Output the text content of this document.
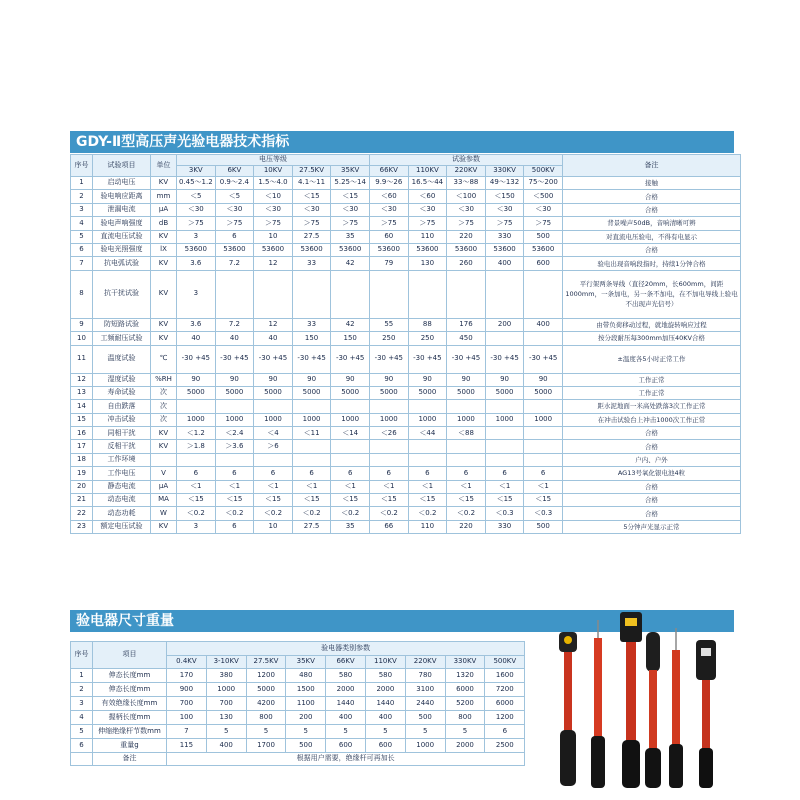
GDY-Ⅱ型高压声光验电器技术指标
序号	试验项目	单位	电压等级					试验参数					备注
			3KV	6KV	10KV	27.5KV	35KV	66KV	110KV	220KV	330KV	500KV	
1	启动电压	KV	0.45～1.2	0.9～2.4	1.5～4.0	4.1～11	5.25～14	9.9～26	16.5～44	33～88	49～132	75～200	接触
2	验电响应距离	mm	＜5	＜5	＜10	＜15	＜15	＜60	＜60	＜100	＜150	＜500	合格
3	泄漏电流	μA	＜30	＜30	＜30	＜30	＜30	＜30	＜30	＜30	＜30	＜30	合格
4	验电声响强度	dB	＞75	＞75	＞75	＞75	＞75	＞75	＞75	＞75	＞75	＞75	背景噪声50dB，音响清晰可辨
5	直流电压试验	KV	3	6	10	27.5	35	60	110	220	330	500	对直流电压验电，不得有电显示
6	验电光照强度	lX	53600	53600	53600	53600	53600	53600	53600	53600	53600	53600	合格
7	抗电弧试验	KV	3.6	7.2	12	33	42	79	130	260	400	600	验电出现音响段指时，持续1分钟合格
8	抗干扰试验	KV	3										平行架两条导线（直径20mm，长600mm，间距1000mm，一条加电，另一条不加电，在不加电导线上验电不出现声光信号）
9	防短路试验	KV	3.6	7.2	12	33	42	55	88	176	200	400	由带负荷移动过程，就地旋转响应过程
10	工频耐压试验	KV	40	40	40	150	150	250	250	450			按分段耐压每300mm加压40KV合格
11	温度试验	℃	-30 +45	-30 +45	-30 +45	-30 +45	-30 +45	-30 +45	-30 +45	-30 +45	-30 +45	-30 +45	±温度各5小时正常工作
12	湿度试验	%RH	90	90	90	90	90	90	90	90	90	90	工作正常
13	寿命试验	次	5000	5000	5000	5000	5000	5000	5000	5000	5000	5000	工作正常
14	自由跌落	次											距水泥地面一米高处跌落3次工作正常
15	冲击试验	次	1000	1000	1000	1000	1000	1000	1000	1000	1000	1000	在冲击试验台上冲击1000次工作正常
16	同相干扰	KV	＜1.2	＜2.4	＜4	＜11	＜14	＜26	＜44	＜88			合格
17	反相干扰	KV	＞1.8	＞3.6	＞6								合格
18	工作环境												户内、户外
19	工作电压	V	6	6	6	6	6	6	6	6	6	6	AG13号氧化银电池4粒
20	静态电流	μA	＜1	＜1	＜1	＜1	＜1	＜1	＜1	＜1	＜1	＜1	合格
21	动态电流	MA	＜15	＜15	＜15	＜15	＜15	＜15	＜15	＜15	＜15	＜15	合格
22	动态功耗	W	＜0.2	＜0.2	＜0.2	＜0.2	＜0.2	＜0.2	＜0.2	＜0.2	＜0.3	＜0.3	合格
23	额定电压试验	KV	3	6	10	27.5	35	66	110	220	330	500	5分钟声光显示正常
验电器尺寸重量
序号	项目	验电器类别参数								
		0.4KV	3-10KV	27.5KV	35KV	66KV	110KV	220KV	330KV	500KV
1	伸态长度mm	170	380	1200	480	580	580	780	1320	1600
2	伸态长度mm	900	1000	5000	1500	2000	2000	3100	6000	7200
3	有效绝缘长度mm	700	700	4200	1100	1440	1440	2440	5200	6000
4	握柄长度mm	100	130	800	200	400	400	500	800	1200
5	伸缩绝缘杆节数mm	7	5	5	5	5	5	5	5	6
6	重量g	115	400	1700	500	600	600	1000	2000	2500
	备注	根据用户需要，绝缘杆可再加长								
